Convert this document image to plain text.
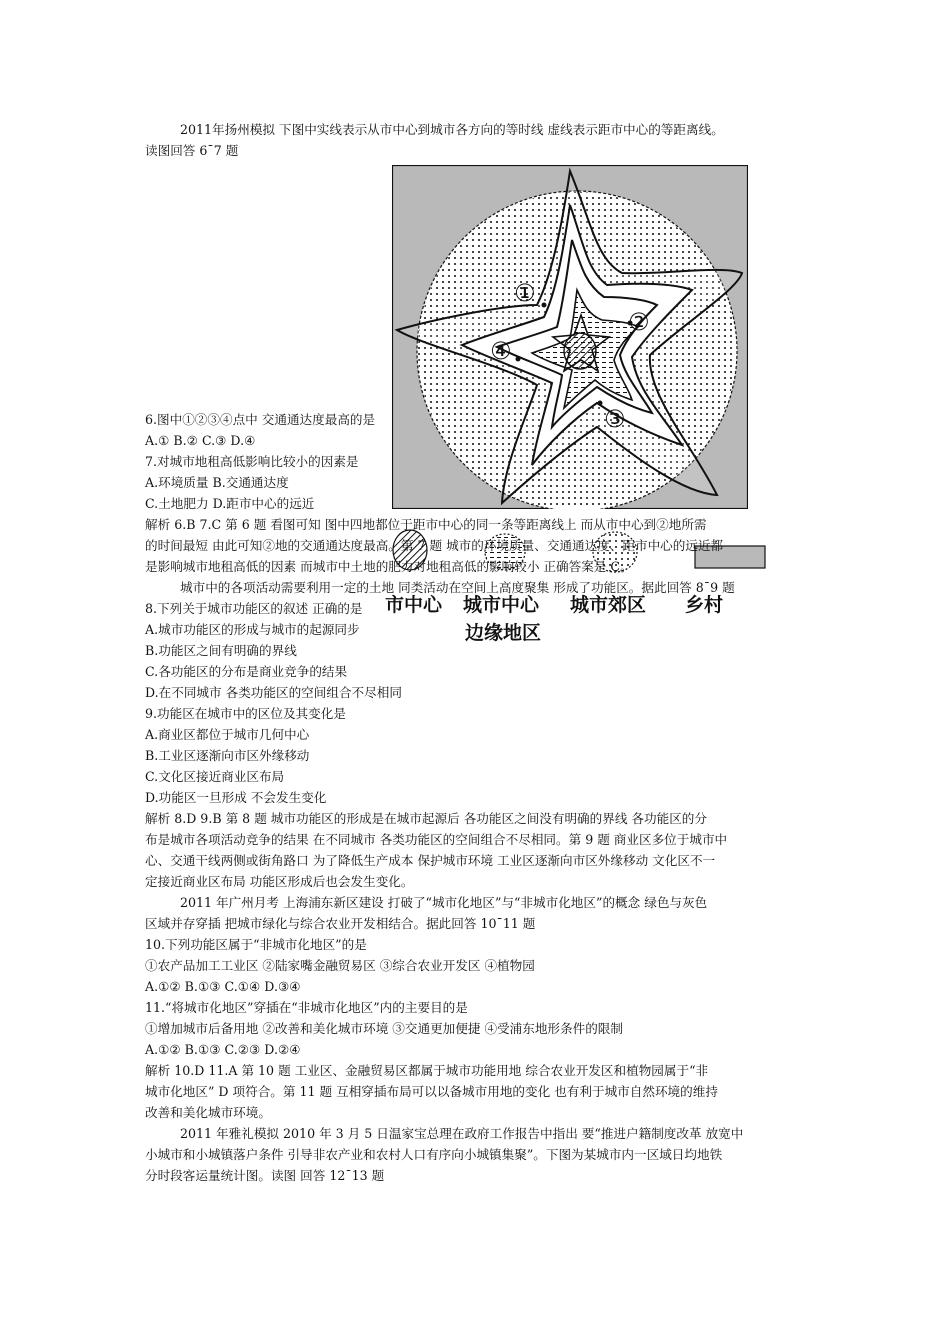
①
②
③
④
市中心 城市中心 城市郊区 乡村
边缘地区
2011年扬州模拟 下图中实线表示从市中心到城市各方向的等时线 虚线表示距市中心的等距离线。
读图回答 6¯7 题
6.图中①②③④点中 交通通达度最高的是
A.① B.② C.③ D.④
7.对城市地租高低影响比较小的因素是
A.环境质量 B.交通通达度
C.土地肥力 D.距市中心的远近
解析 6.B 7.C 第 6 题 看图可知 图中四地都位于距市中心的同一条等距离线上 而从市中心到②地所需
的时间最短 由此可知②地的交通通达度最高。第 7 题 城市的环境质量、交通通达度、距市中心的远近都
是影响城市地租高低的因素 而城市中土地的肥力对地租高低的影响较小 正确答案是 C。
城市中的各项活动需要利用一定的土地 同类活动在空间上高度聚集 形成了功能区。据此回答 8¯9 题
8.下列关于城市功能区的叙述 正确的是
A.城市功能区的形成与城市的起源同步
B.功能区之间有明确的界线
C.各功能区的分布是商业竞争的结果
D.在不同城市 各类功能区的空间组合不尽相同
9.功能区在城市中的区位及其变化是
A.商业区都位于城市几何中心
B.工业区逐渐向市区外缘移动
C.文化区接近商业区布局
D.功能区一旦形成 不会发生变化
解析 8.D 9.B 第 8 题 城市功能区的形成是在城市起源后 各功能区之间没有明确的界线 各功能区的分
布是城市各项活动竞争的结果 在不同城市 各类功能区的空间组合不尽相同。第 9 题 商业区多位于城市中
心、交通干线两侧或街角路口 为了降低生产成本 保护城市环境 工业区逐渐向市区外缘移动 文化区不一
定接近商业区布局 功能区形成后也会发生变化。
2011 年广州月考 上海浦东新区建设 打破了“城市化地区”与“非城市化地区”的概念 绿色与灰色
区域并存穿插 把城市绿化与综合农业开发相结合。据此回答 10¯11 题
10.下列功能区属于“非城市化地区”的是
①农产品加工工业区 ②陆家嘴金融贸易区 ③综合农业开发区 ④植物园
A.①② B.①③ C.①④ D.③④
11.“将城市化地区”穿插在“非城市化地区”内的主要目的是
①增加城市后备用地 ②改善和美化城市环境 ③交通更加便捷 ④受浦东地形条件的限制
A.①② B.①③ C.②③ D.②④
解析 10.D 11.A 第 10 题 工业区、金融贸易区都属于城市功能用地 综合农业开发区和植物园属于“非
城市化地区” D 项符合。第 11 题 互相穿插布局可以以备城市用地的变化 也有利于城市自然环境的维持
改善和美化城市环境。
2011 年雅礼模拟 2010 年 3 月 5 日温家宝总理在政府工作报告中指出 要“推进户籍制度改革 放宽中
小城市和小城镇落户条件 引导非农产业和农村人口有序向小城镇集聚”。下图为某城市内一区域日均地铁
分时段客运量统计图。读图 回答 12¯13 题
